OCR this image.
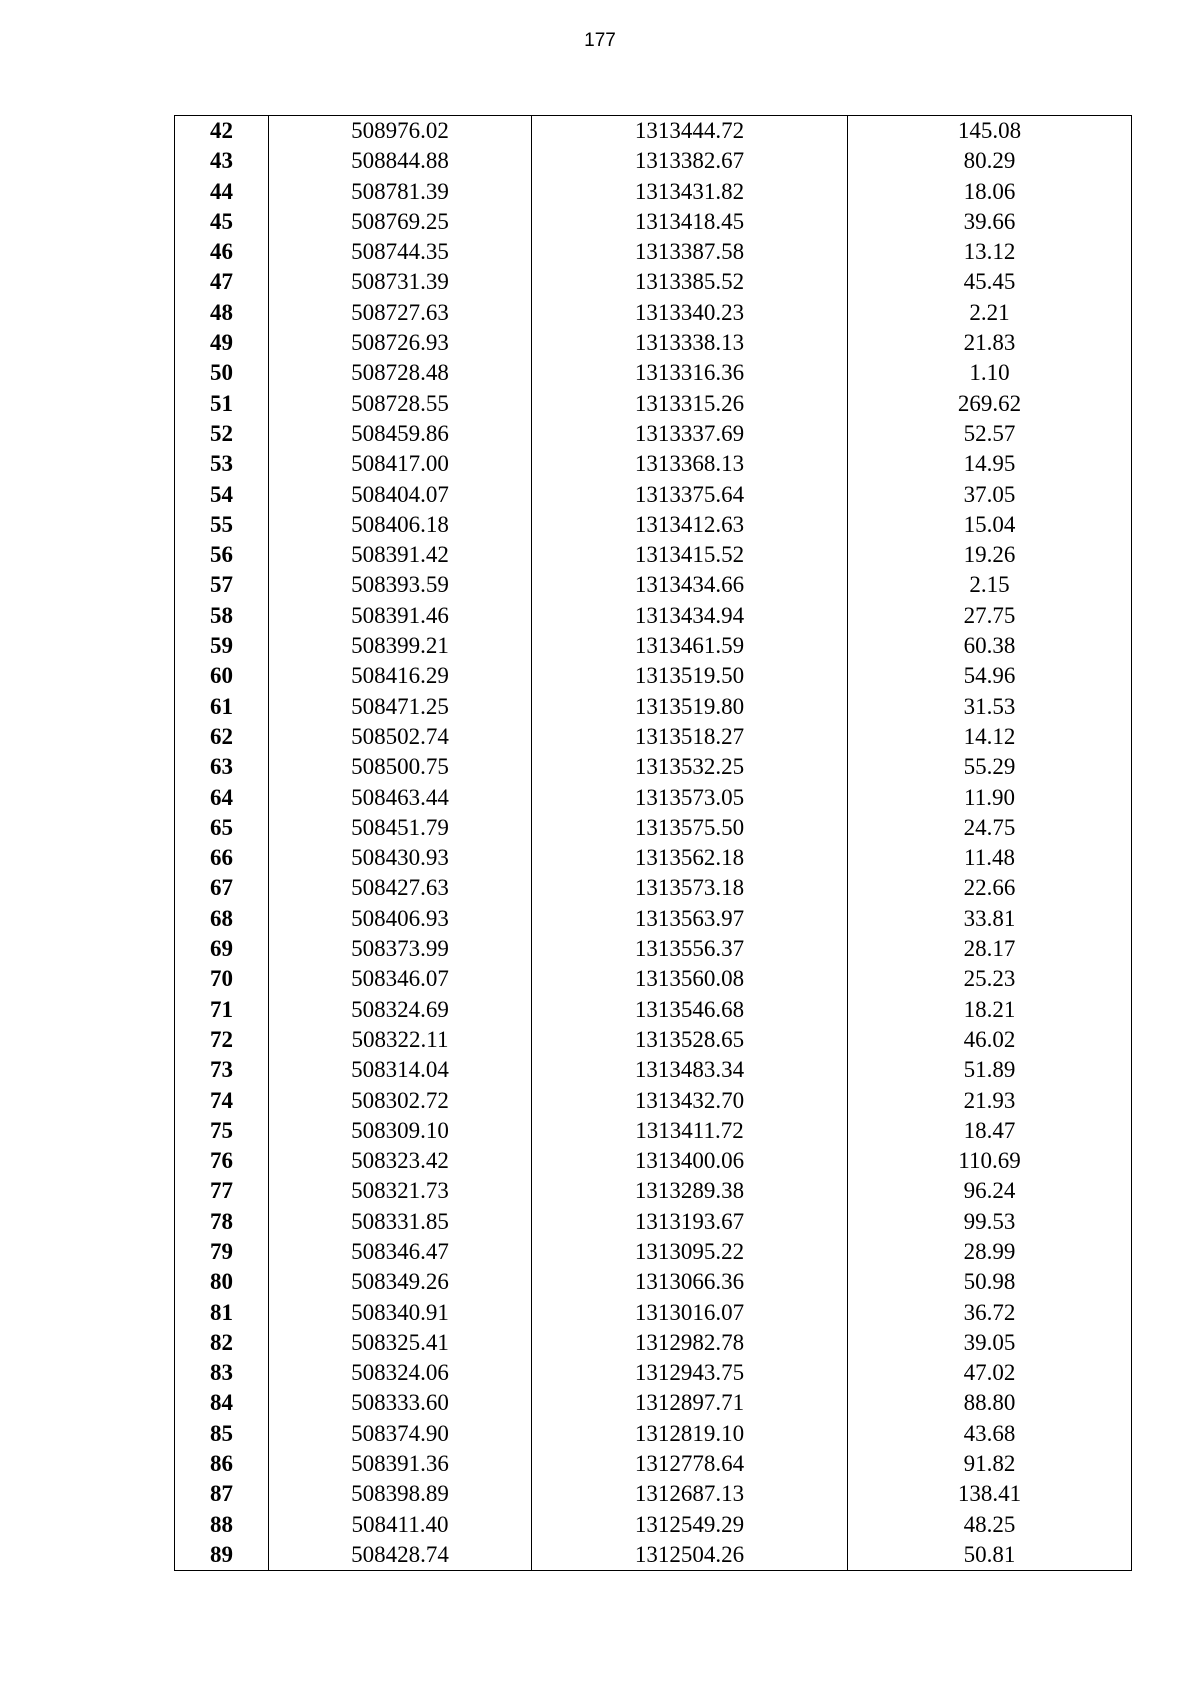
177
42	508976.02	1313444.72	145.08
43	508844.88	1313382.67	80.29
44	508781.39	1313431.82	18.06
45	508769.25	1313418.45	39.66
46	508744.35	1313387.58	13.12
47	508731.39	1313385.52	45.45
48	508727.63	1313340.23	2.21
49	508726.93	1313338.13	21.83
50	508728.48	1313316.36	1.10
51	508728.55	1313315.26	269.62
52	508459.86	1313337.69	52.57
53	508417.00	1313368.13	14.95
54	508404.07	1313375.64	37.05
55	508406.18	1313412.63	15.04
56	508391.42	1313415.52	19.26
57	508393.59	1313434.66	2.15
58	508391.46	1313434.94	27.75
59	508399.21	1313461.59	60.38
60	508416.29	1313519.50	54.96
61	508471.25	1313519.80	31.53
62	508502.74	1313518.27	14.12
63	508500.75	1313532.25	55.29
64	508463.44	1313573.05	11.90
65	508451.79	1313575.50	24.75
66	508430.93	1313562.18	11.48
67	508427.63	1313573.18	22.66
68	508406.93	1313563.97	33.81
69	508373.99	1313556.37	28.17
70	508346.07	1313560.08	25.23
71	508324.69	1313546.68	18.21
72	508322.11	1313528.65	46.02
73	508314.04	1313483.34	51.89
74	508302.72	1313432.70	21.93
75	508309.10	1313411.72	18.47
76	508323.42	1313400.06	110.69
77	508321.73	1313289.38	96.24
78	508331.85	1313193.67	99.53
79	508346.47	1313095.22	28.99
80	508349.26	1313066.36	50.98
81	508340.91	1313016.07	36.72
82	508325.41	1312982.78	39.05
83	508324.06	1312943.75	47.02
84	508333.60	1312897.71	88.80
85	508374.90	1312819.10	43.68
86	508391.36	1312778.64	91.82
87	508398.89	1312687.13	138.41
88	508411.40	1312549.29	48.25
89	508428.74	1312504.26	50.81
